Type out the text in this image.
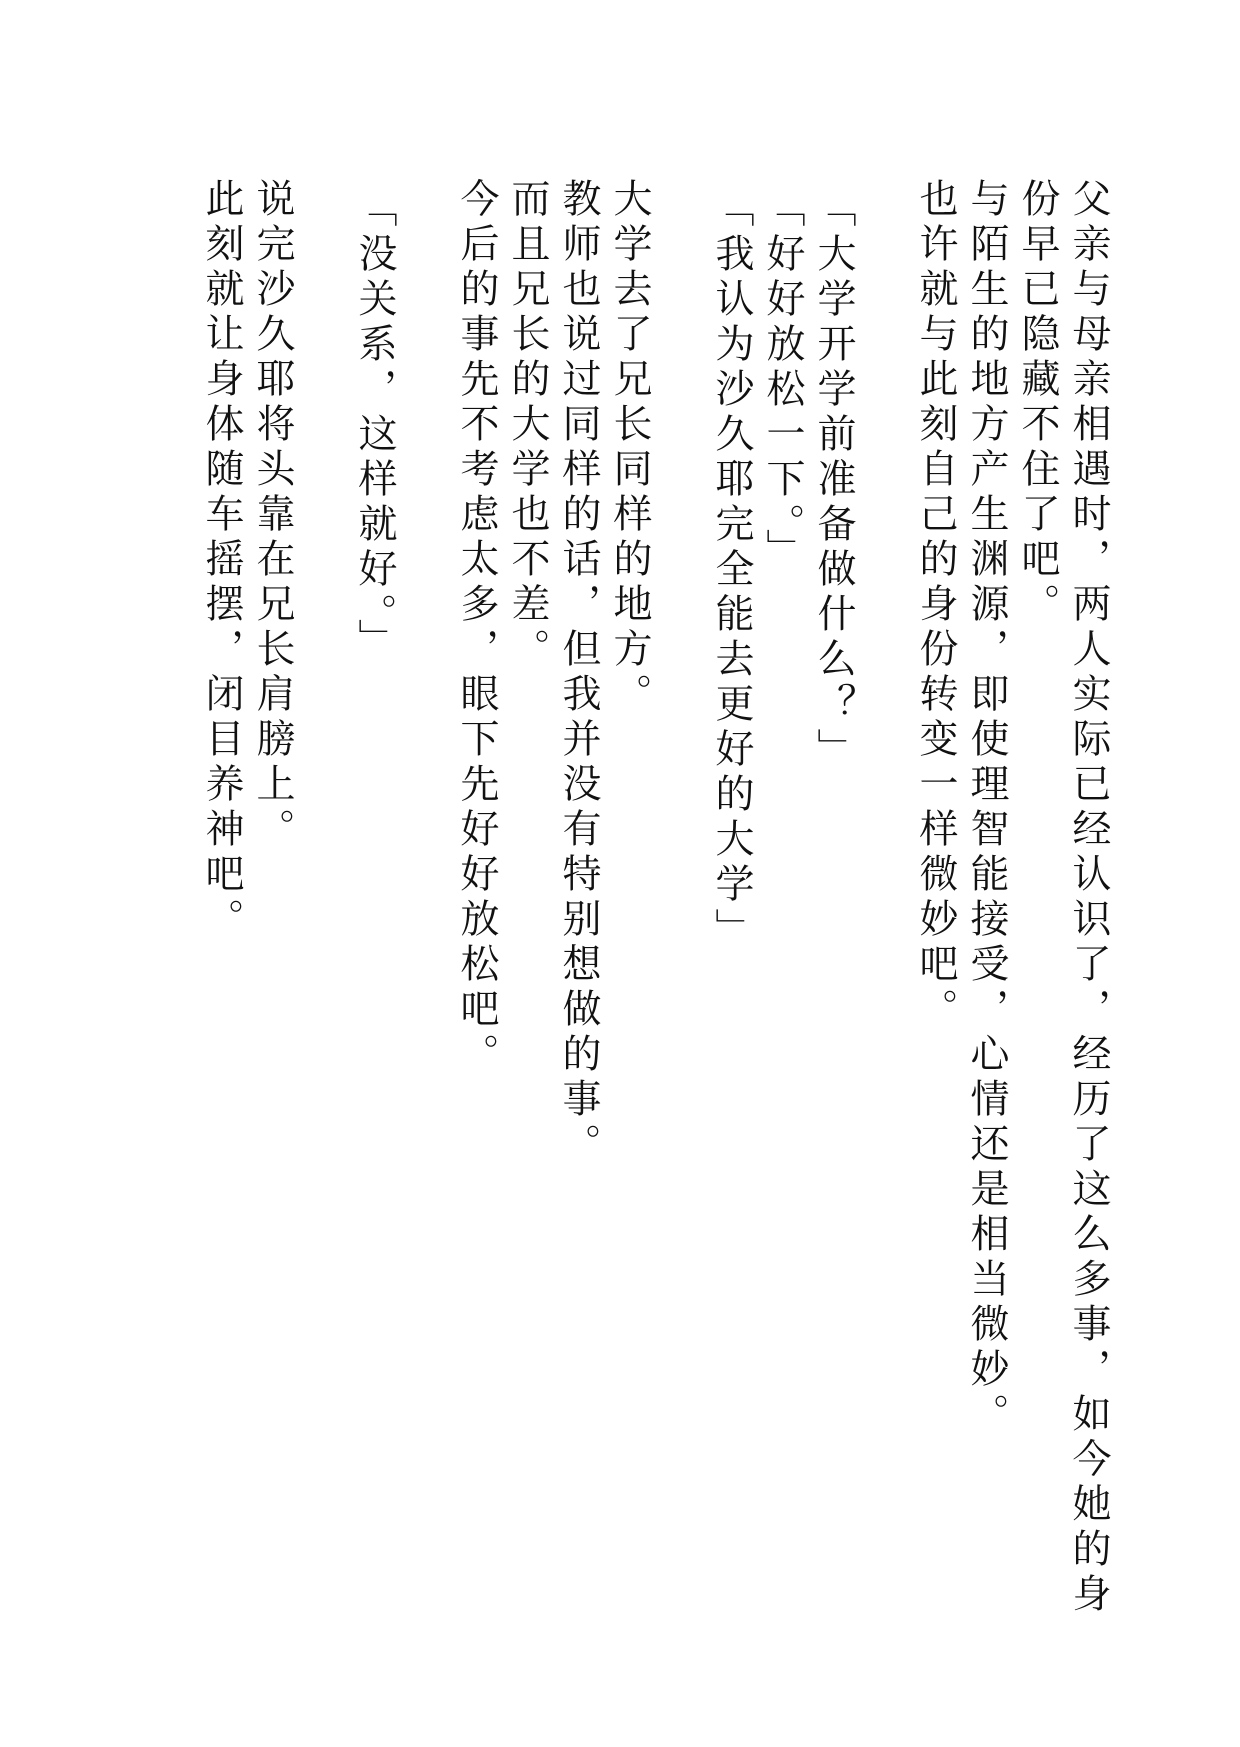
父亲与母亲相遇时，两人实际已经认识了，经历了这么多事，如今她的身

份早已隐藏不住了吧。

与陌生的地方产生渊源，即使理智能接受，心情还是相当微妙。

也许就与此刻自己的身份转变一样微妙吧。

「大学开学前准备做什么？」

「好好放松一下。」

「我认为沙久耶完全能去更好的大学」

大学去了兄长同样的地方。

教师也说过同样的话，但我并没有特别想做的事。

而且兄长的大学也不差。

今后的事先不考虑太多，眼下先好好放松吧。

「没关系，这样就好。」

说完沙久耶将头靠在兄长肩膀上。

此刻就让身体随车摇摆，闭目养神吧。
